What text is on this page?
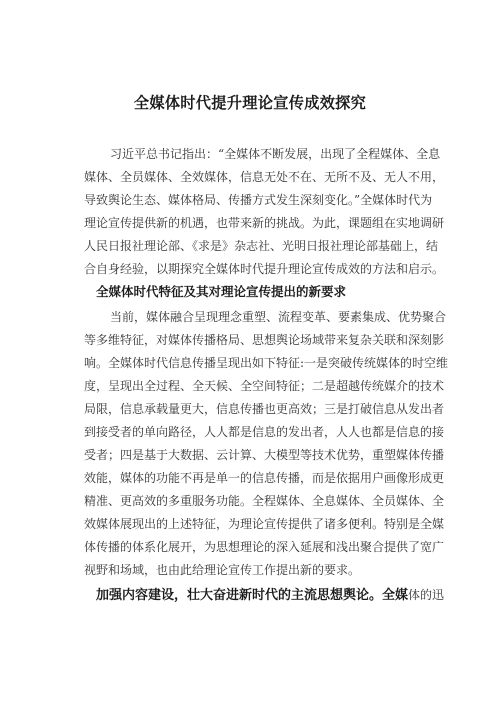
全媒体时代提升理论宣传成效探究
习近平总书记指出：“全媒体不断发展，出现了全程媒体、全息
媒体、全员媒体、全效媒体，信息无处不在、无所不及、无人不用，
导致舆论生态、媒体格局、传播方式发生深刻变化。”全媒体时代为
理论宣传提供新的机遇，也带来新的挑战。为此，课题组在实地调研
人民日报社理论部、《求是》杂志社、光明日报社理论部基础上，结
合自身经验，以期探究全媒体时代提升理论宣传成效的方法和启示。
全媒体时代特征及其对理论宣传提出的新要求
当前，媒体融合呈现理念重塑、流程变革、要素集成、优势聚合
等多维特征，对媒体传播格局、思想舆论场域带来复杂关联和深刻影
响。全媒体时代信息传播呈现出如下特征:一是突破传统媒体的时空维
度，呈现出全过程、全天候、全空间特征；二是超越传统媒介的技术
局限，信息承载量更大，信息传播也更高效；三是打破信息从发出者
到接受者的单向路径，人人都是信息的发出者，人人也都是信息的接
受者；四是基于大数据、云计算、大模型等技术优势，重塑媒体传播
效能，媒体的功能不再是单一的信息传播，而是依据用户画像形成更
精准、更高效的多重服务功能。全程媒体、全息媒体、全员媒体、全
效媒体展现出的上述特征，为理论宣传提供了诸多便利。特别是全媒
体传播的体系化展开，为思想理论的深入延展和浅出聚合提供了宽广
视野和场域，也由此给理论宣传工作提出新的要求。
加强内容建设，壮大奋进新时代的主流思想舆论。全媒体的迅
